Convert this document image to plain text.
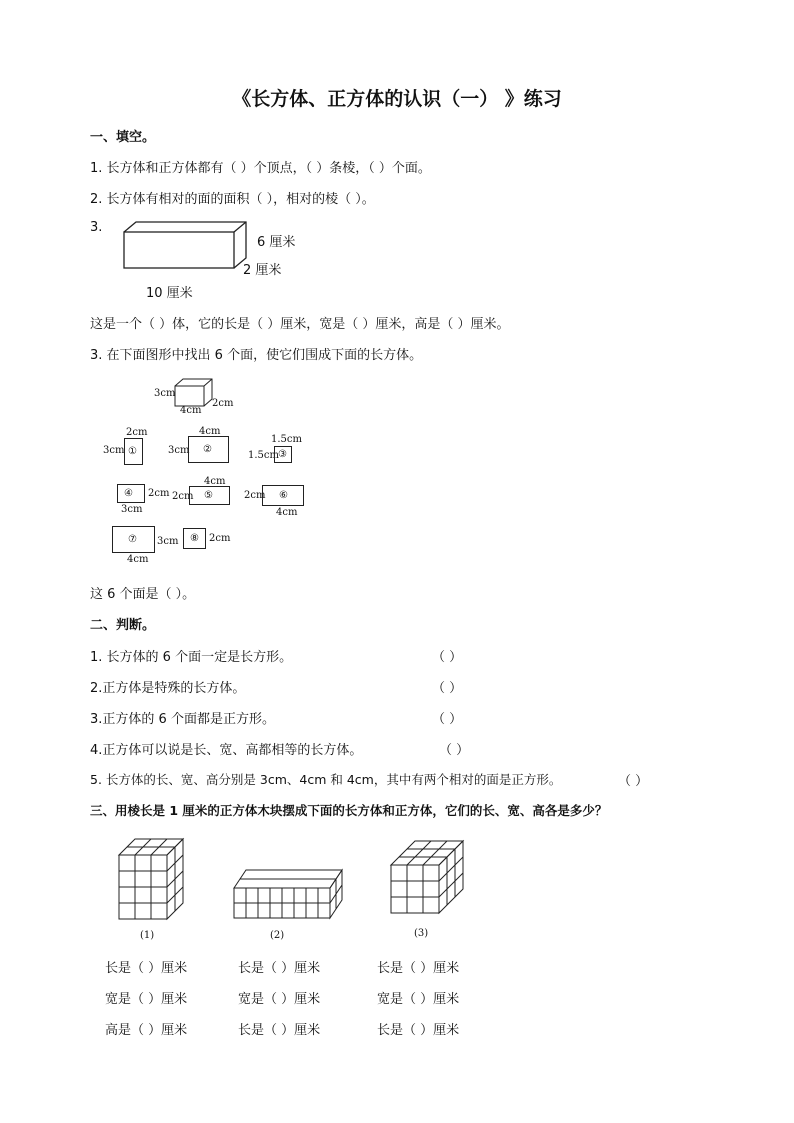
《长方体、正方体的认识（一） 》练习
一、填空。
1. 长方体和正方体都有（ ）个顶点，（ ）条棱，（ ）个面。
2. 长方体有相对的面的面积（ ），相对的棱（ ）。
3.
6 厘米
2 厘米
10 厘米
这是一个（ ）体，它的长是（ ）厘米，宽是（ ）厘米，高是（ ）厘米。
3. 在下面图形中找出 6 个面，使它们围成下面的长方体。
3cm
2cm
4cm
2cm
3cm ①
4cm
3cm ②
1.5cm
1.5cm ③
④ 2cm
3cm
4cm
2cm ⑤	2cm ⑥
4cm
⑦ 3cm
4cm
⑧ 2cm
这 6 个面是（ ）。
二、判断。
1. 长方体的 6 个面一定是长方形。	（ ）
2.正方体是特殊的长方体。	（ ）
3.正方体的 6 个面都是正方形。	（ ）
4.正方体可以说是长、宽、高都相等的长方体。	（ ）
5. 长方体的长、宽、高分别是 3cm、4cm 和 4cm，其中有两个相对的面是正方形。	（ ）
三、用棱长是 1 厘米的正方体木块摆成下面的长方体和正方体，它们的长、宽、高各是多少？
(1)	(2)	(3)
长是（ ）厘米	长是（ ）厘米	长是（ ）厘米
宽是（ ）厘米	宽是（ ）厘米	宽是（ ）厘米
高是（ ）厘米	长是（ ）厘米	长是（ ）厘米
